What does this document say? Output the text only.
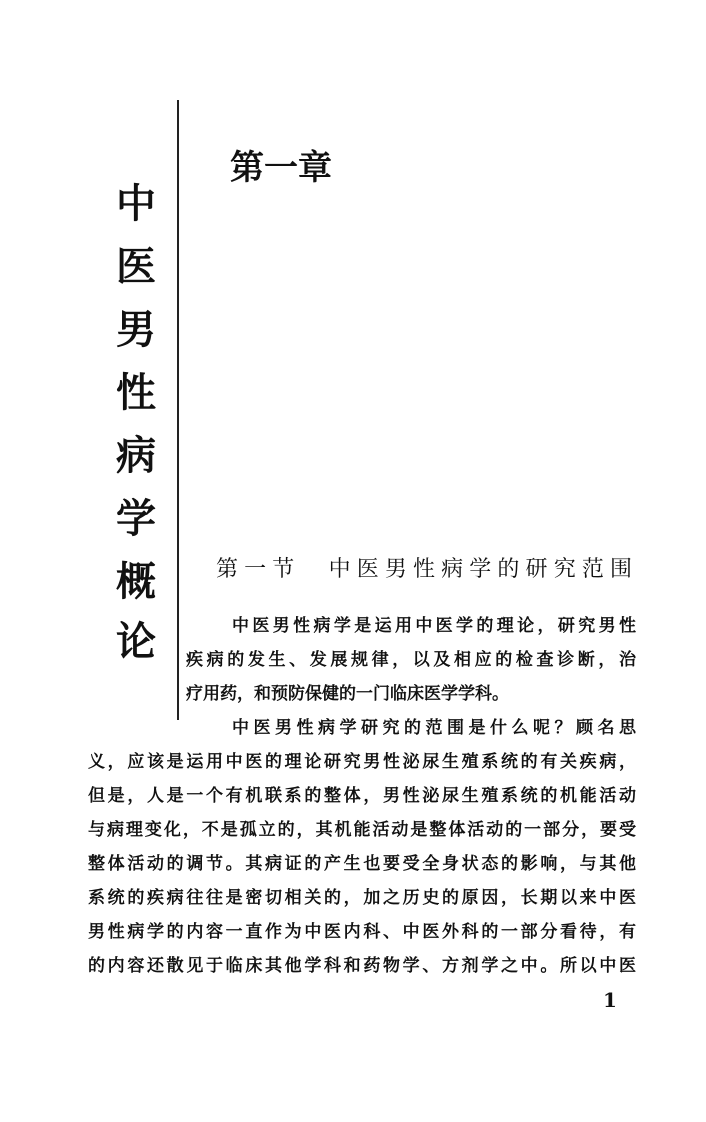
中
医
男
性
病
学
概
论
第一章
第一节　中医男性病学的研究范围
中医男性病学是运用中医学的理论，研究男性
疾病的发生、发展规律，以及相应的检查诊断，治
疗用药，和预防保健的一门临床医学学科。
中医男性病学研究的范围是什么呢？顾名思
义，应该是运用中医的理论研究男性泌尿生殖系统的有关疾病，
但是，人是一个有机联系的整体，男性泌尿生殖系统的机能活动
与病理变化，不是孤立的，其机能活动是整体活动的一部分，要受
整体活动的调节。其病证的产生也要受全身状态的影响，与其他
系统的疾病往往是密切相关的，加之历史的原因，长期以来中医
男性病学的内容一直作为中医内科、中医外科的一部分看待，有
的内容还散见于临床其他学科和药物学、方剂学之中。所以中医
1
